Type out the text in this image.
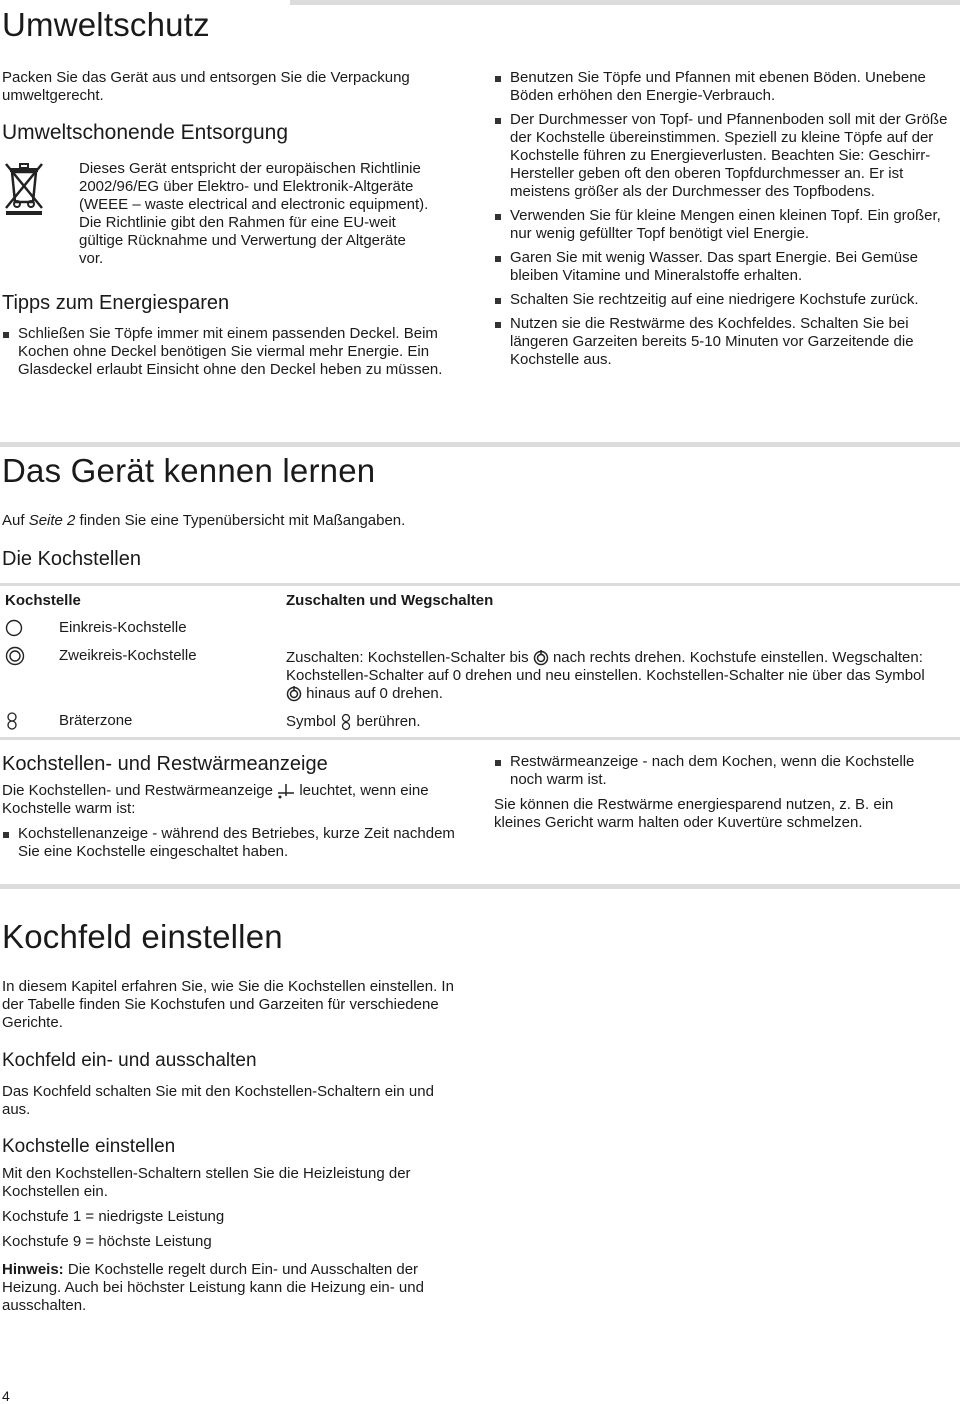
Umweltschutz

Packen Sie das Gerät aus und entsorgen Sie die Verpackung umweltgerecht.

Umweltschonende Entsorgung

Dieses Gerät entspricht der europäischen Richtlinie 2002/96/EG über Elektro- und Elektronik-Altgeräte (WEEE – waste electrical and electronic equipment). Die Richtlinie gibt den Rahmen für eine EU-weit gültige Rücknahme und Verwertung der Altgeräte vor.

Tipps zum Energiesparen
Schließen Sie Töpfe immer mit einem passenden Deckel. Beim Kochen ohne Deckel benötigen Sie viermal mehr Energie. Ein Glasdeckel erlaubt Einsicht ohne den Deckel heben zu müssen.
Benutzen Sie Töpfe und Pfannen mit ebenen Böden. Unebene Böden erhöhen den Energie-Verbrauch.
Der Durchmesser von Topf- und Pfannenboden soll mit der Größe der Kochstelle übereinstimmen. Speziell zu kleine Töpfe auf der Kochstelle führen zu Energieverlusten. Beachten Sie: Geschirr-Hersteller geben oft den oberen Topfdurchmesser an. Er ist meistens größer als der Durchmesser des Topfbodens.
Verwenden Sie für kleine Mengen einen kleinen Topf. Ein großer, nur wenig gefüllter Topf benötigt viel Energie.
Garen Sie mit wenig Wasser. Das spart Energie. Bei Gemüse bleiben Vitamine und Mineralstoffe erhalten.
Schalten Sie rechtzeitig auf eine niedrigere Kochstufe zurück.
Nutzen sie die Restwärme des Kochfeldes. Schalten Sie bei längeren Garzeiten bereits 5-10 Minuten vor Garzeitende die Kochstelle aus.
Das Gerät kennen lernen

Auf Seite 2 finden Sie eine Typenübersicht mit Maßangaben.

Die Kochstellen
Kochstelle	Zuschalten und Wegschalten
Einkreis-Kochstelle
Zweikreis-Kochstelle	Zuschalten: Kochstellen-Schalter bis  nach rechts drehen. Kochstufe einstellen. Wegschalten: Kochstellen-Schalter auf 0 drehen und neu einstellen. Kochstellen-Schalter nie über das Symbol  hinaus auf 0 drehen.
Bräterzone	Symbol  berühren.
Kochstellen- und Restwärmeanzeige

Die Kochstellen- und Restwärmeanzeige  leuchtet, wenn eine Kochstelle warm ist:

Kochstellenanzeige - während des Betriebes, kurze Zeit nachdem Sie eine Kochstelle eingeschaltet haben.
Restwärmeanzeige - nach dem Kochen, wenn die Kochstelle noch warm ist.

Sie können die Restwärme energiesparend nutzen, z. B. ein kleines Gericht warm halten oder Kuvertüre schmelzen.

Kochfeld einstellen

In diesem Kapitel erfahren Sie, wie Sie die Kochstellen einstellen. In der Tabelle finden Sie Kochstufen und Garzeiten für verschiedene Gerichte.

Kochfeld ein- und ausschalten

Das Kochfeld schalten Sie mit den Kochstellen-Schaltern ein und aus.

Kochstelle einstellen

Mit den Kochstellen-Schaltern stellen Sie die Heizleistung der Kochstellen ein.

Kochstufe 1 = niedrigste Leistung

Kochstufe 9 = höchste Leistung

Hinweis: Die Kochstelle regelt durch Ein- und Ausschalten der Heizung. Auch bei höchster Leistung kann die Heizung ein- und ausschalten.

4
